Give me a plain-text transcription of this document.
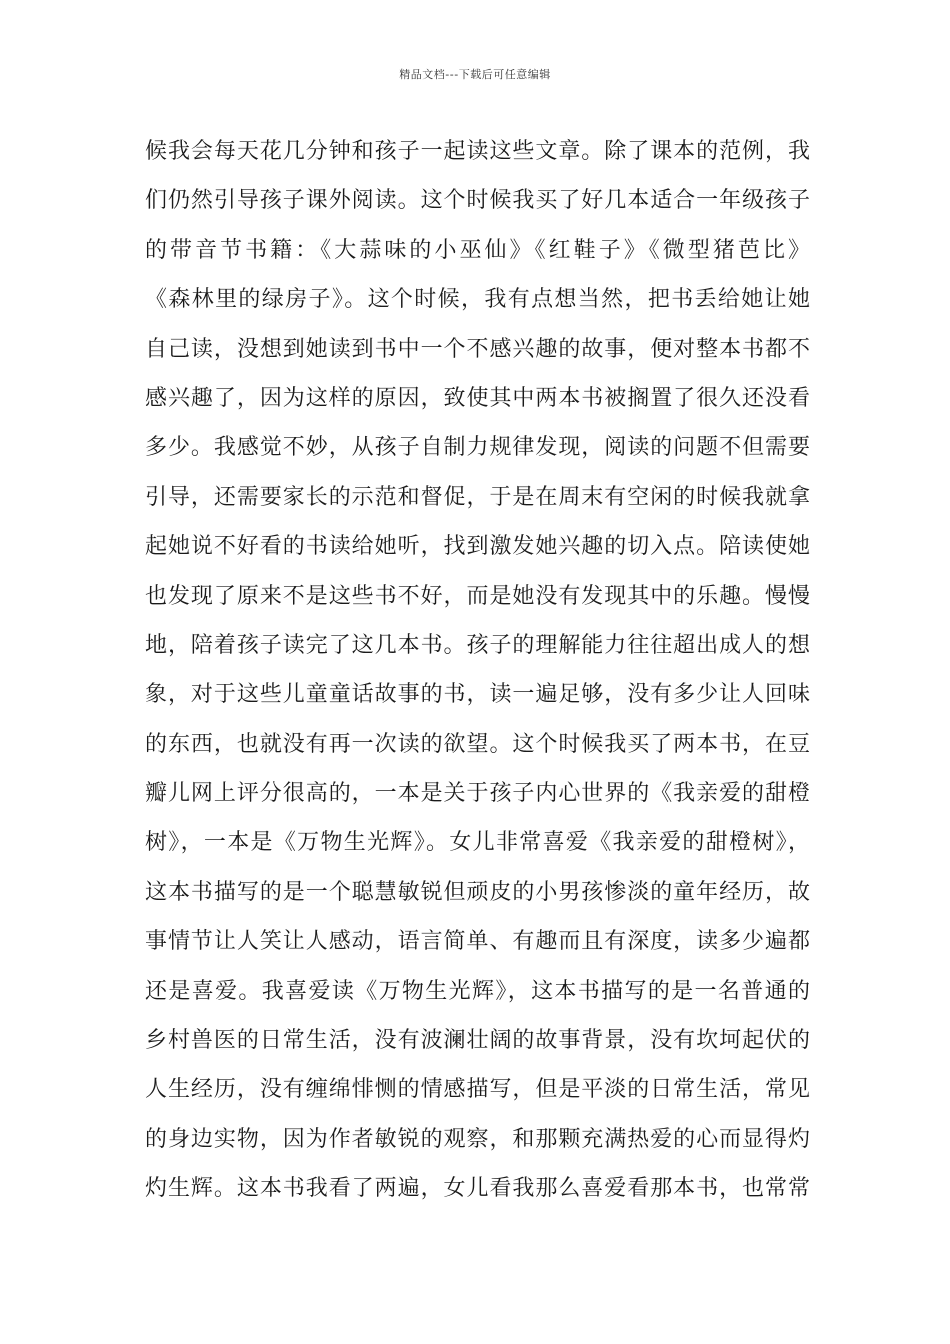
精品文档---下载后可任意编辑
候我会每天花几分钟和孩子一起读这些文章。除了课本的范例，我
们仍然引导孩子课外阅读。这个时候我买了好几本适合一年级孩子
的带音节书籍：《大蒜味的小巫仙》《红鞋子》《微型猪芭比》
《森林里的绿房子》。这个时候，我有点想当然，把书丢给她让她
自己读，没想到她读到书中一个不感兴趣的故事，便对整本书都不
感兴趣了，因为这样的原因，致使其中两本书被搁置了很久还没看
多少。我感觉不妙，从孩子自制力规律发现，阅读的问题不但需要
引导，还需要家长的示范和督促，于是在周末有空闲的时候我就拿
起她说不好看的书读给她听，找到激发她兴趣的切入点。陪读使她
也发现了原来不是这些书不好，而是她没有发现其中的乐趣。慢慢
地，陪着孩子读完了这几本书。孩子的理解能力往往超出成人的想
象，对于这些儿童童话故事的书，读一遍足够，没有多少让人回味
的东西，也就没有再一次读的欲望。这个时候我买了两本书，在豆
瓣儿网上评分很高的，一本是关于孩子内心世界的《我亲爱的甜橙
树》，一本是《万物生光辉》。女儿非常喜爱《我亲爱的甜橙树》，
这本书描写的是一个聪慧敏锐但顽皮的小男孩惨淡的童年经历，故
事情节让人笑让人感动，语言简单、有趣而且有深度，读多少遍都
还是喜爱。我喜爱读《万物生光辉》，这本书描写的是一名普通的
乡村兽医的日常生活，没有波澜壮阔的故事背景，没有坎坷起伏的
人生经历，没有缠绵悱恻的情感描写，但是平淡的日常生活，常见
的身边实物，因为作者敏锐的观察，和那颗充满热爱的心而显得灼
灼生辉。这本书我看了两遍，女儿看我那么喜爱看那本书，也常常
